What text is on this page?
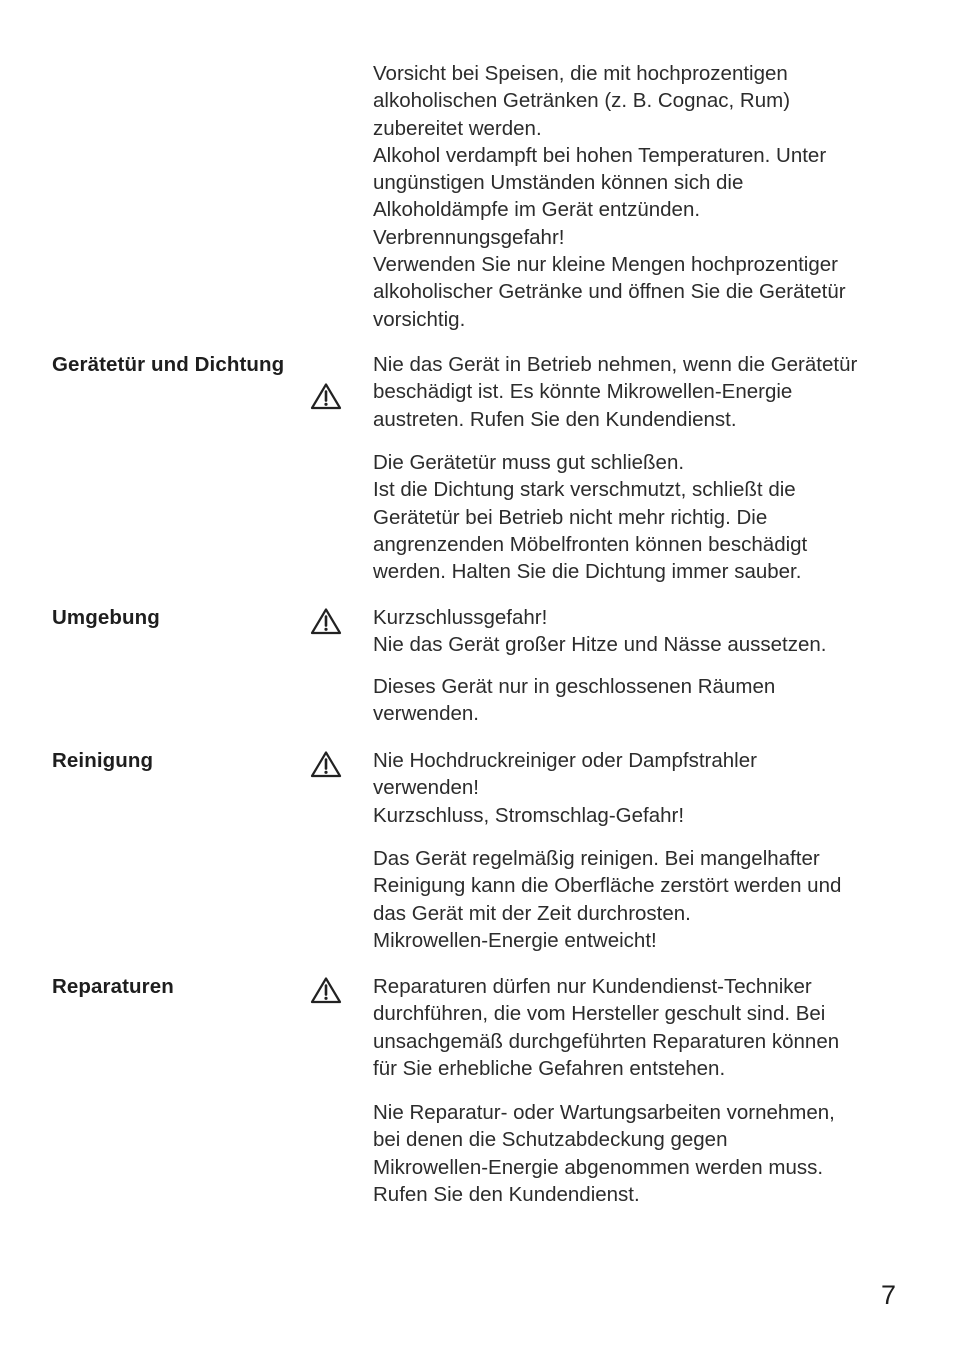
Vorsicht bei Speisen, die mit hochprozentigen
alkoholischen Getränken (z. B. Cognac, Rum)
zubereitet werden.
Alkohol verdampft bei hohen Temperaturen. Unter
ungünstigen Umständen können sich die
Alkoholdämpfe im Gerät entzünden.
Verbrennungsgefahr!
Verwenden Sie nur kleine Mengen hochprozentiger
alkoholischer Getränke und öffnen Sie die Gerätetür
vorsichtig.
Gerätetür und Dichtung	Nie das Gerät in Betrieb nehmen, wenn die Gerätetür
beschädigt ist. Es könnte Mikrowellen-Energie
austreten. Rufen Sie den Kundendienst.
Die Gerätetür muss gut schließen.
Ist die Dichtung stark verschmutzt, schließt die
Gerätetür bei Betrieb nicht mehr richtig. Die
angrenzenden Möbelfronten können beschädigt
werden. Halten Sie die Dichtung immer sauber.
Umgebung	Kurzschlussgefahr!
Nie das Gerät großer Hitze und Nässe aussetzen.
Dieses Gerät nur in geschlossenen Räumen
verwenden.
Reinigung	Nie Hochdruckreiniger oder Dampfstrahler
verwenden!
Kurzschluss, Stromschlag-Gefahr!
Das Gerät regelmäßig reinigen. Bei mangelhafter
Reinigung kann die Oberfläche zerstört werden und
das Gerät mit der Zeit durchrosten.
Mikrowellen-Energie entweicht!
Reparaturen	Reparaturen dürfen nur Kundendienst-Techniker
durchführen, die vom Hersteller geschult sind. Bei
unsachgemäß durchgeführten Reparaturen können
für Sie erhebliche Gefahren entstehen.
Nie Reparatur- oder Wartungsarbeiten vornehmen,
bei denen die Schutzabdeckung gegen
Mikrowellen-Energie abgenommen werden muss.
Rufen Sie den Kundendienst.
7
